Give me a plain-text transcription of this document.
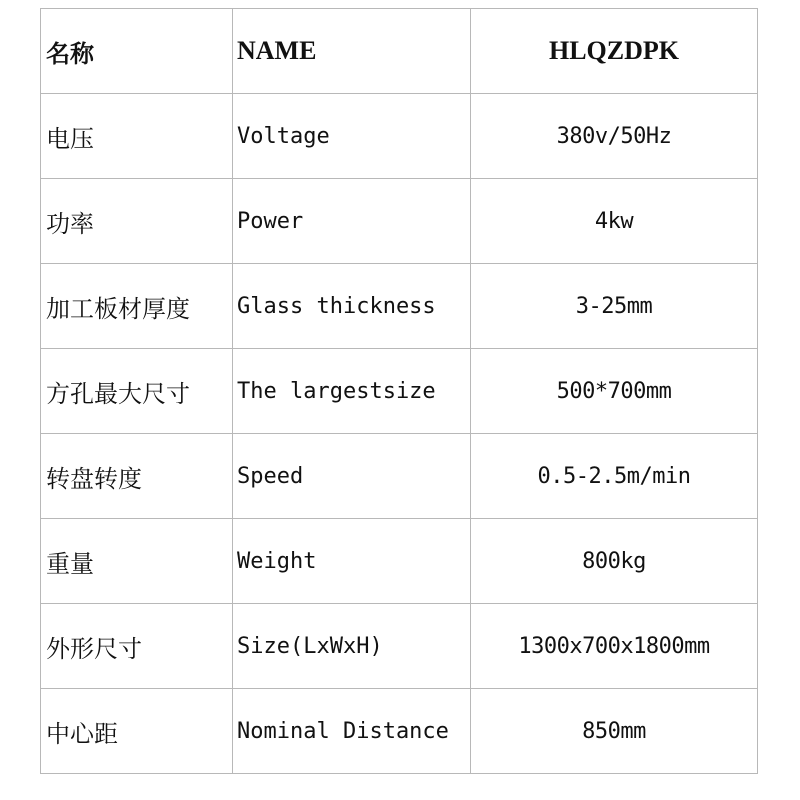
名称	NAME	HLQZDPK
电压	Voltage	380v/50Hz
功率	Power	4kw
加工板材厚度	Glass thickness	3-25mm
方孔最大尺寸	The largestsize	500*700mm
转盘转度	Speed	0.5-2.5m/min
重量	Weight	800kg
外形尺寸	Size(LxWxH)	1300x700x1800mm
中心距	Nominal Distance	850mm
